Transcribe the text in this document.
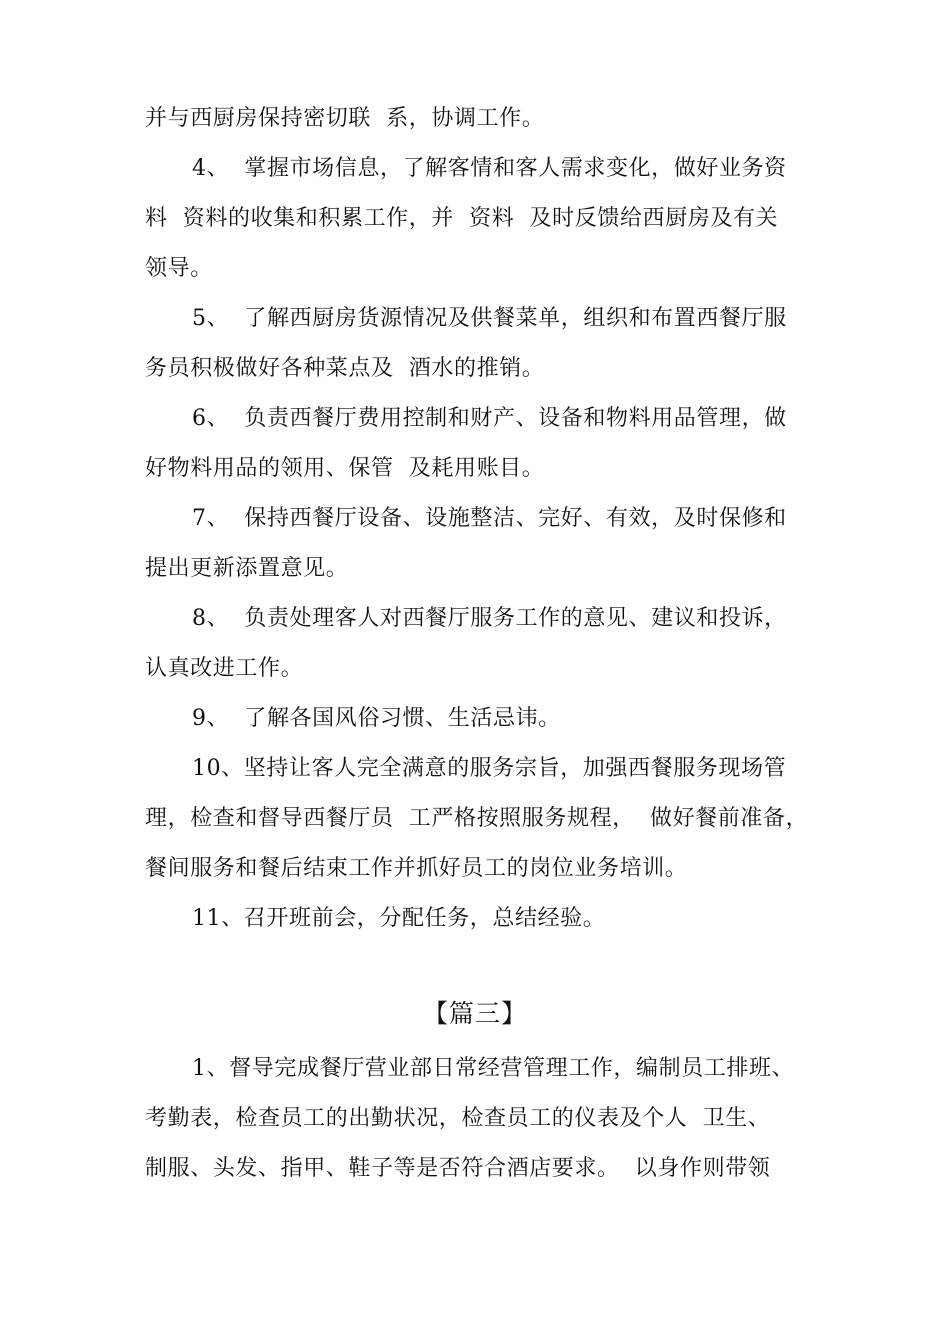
并与西厨房保持密切联  系，协调工作。
4、  掌握市场信息，了解客情和客人需求变化，做好业务资
料  资料的收集和积累工作，并  资料  及时反馈给西厨房及有关
领导。
5、  了解西厨房货源情况及供餐菜单，组织和布置西餐厅服
务员积极做好各种菜点及  酒水的推销。
6、  负责西餐厅费用控制和财产、设备和物料用品管理，做
好物料用品的领用、保管  及耗用账目。
7、  保持西餐厅设备、设施整洁、完好、有效，及时保修和
提出更新添置意见。
8、  负责处理客人对西餐厅服务工作的意见、建议和投诉，
认真改进工作。
9、  了解各国风俗习惯、生活忌讳。
10、坚持让客人完全满意的服务宗旨，加强西餐服务现场管
理，检查和督导西餐厅员  工严格按照服务规程，  做好餐前准备，
餐间服务和餐后结束工作并抓好员工的岗位业务培训。
11、召开班前会，分配任务，总结经验。
【篇三】
1、督导完成餐厅营业部日常经营管理工作，编制员工排班、
考勤表，检查员工的出勤状况，检查员工的仪表及个人  卫生、
制服、头发、指甲、鞋子等是否符合酒店要求。  以身作则带领
